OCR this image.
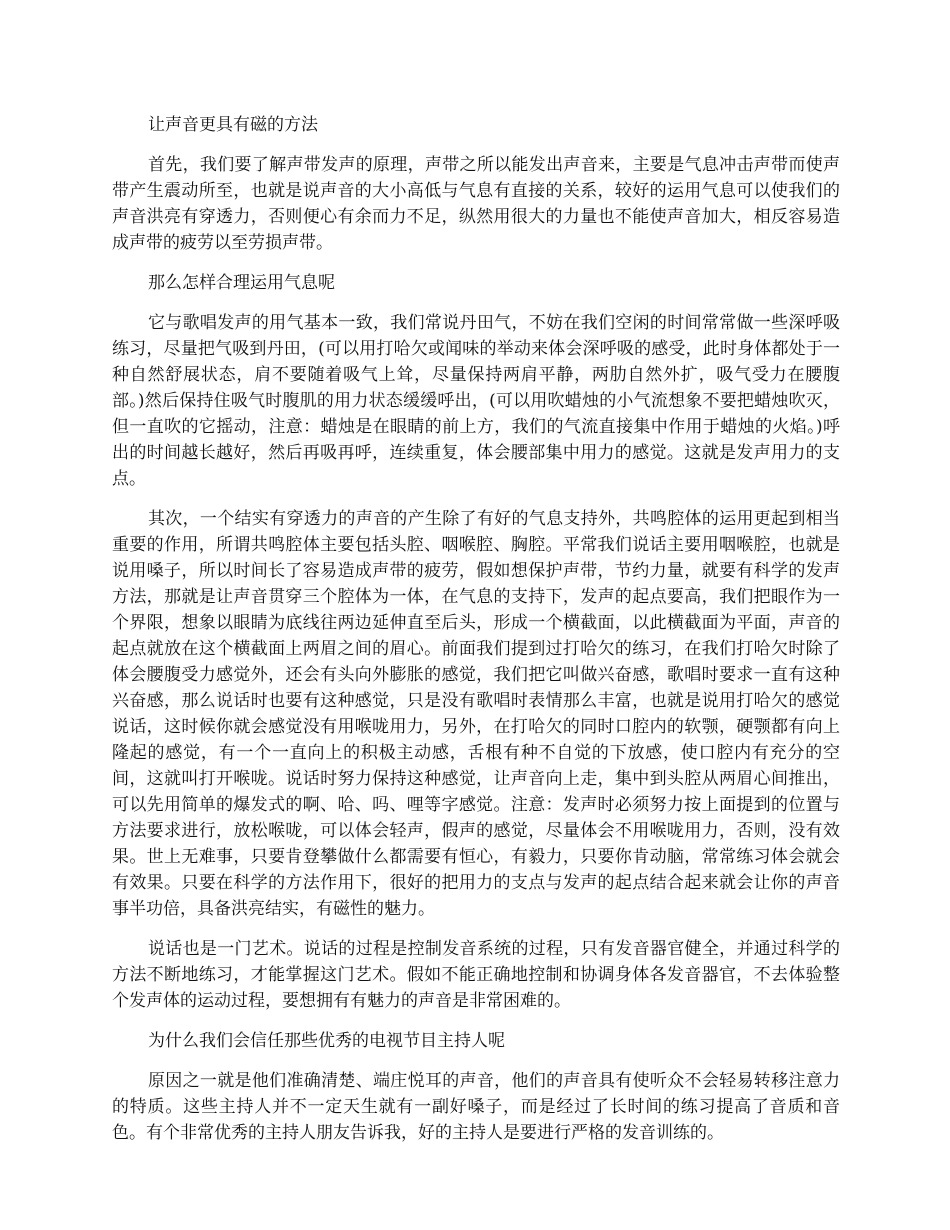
让声音更具有磁的方法

首先，我们要了解声带发声的原理，声带之所以能发出声音来，主要是气息冲击声带而使声带产生震动所至，也就是说声音的大小高低与气息有直接的关系，较好的运用气息可以使我们的声音洪亮有穿透力，否则便心有余而力不足，纵然用很大的力量也不能使声音加大，相反容易造成声带的疲劳以至劳损声带。

那么怎样合理运用气息呢

它与歌唱发声的用气基本一致，我们常说丹田气，不妨在我们空闲的时间常常做一些深呼吸练习，尽量把气吸到丹田，(可以用打哈欠或闻味的举动来体会深呼吸的感受，此时身体都处于一种自然舒展状态，肩不要随着吸气上耸，尽量保持两肩平静，两肋自然外扩，吸气受力在腰腹部。)然后保持住吸气时腹肌的用力状态缓缓呼出，(可以用吹蜡烛的小气流想象不要把蜡烛吹灭，但一直吹的它摇动，注意：蜡烛是在眼睛的前上方，我们的气流直接集中作用于蜡烛的火焰。)呼出的时间越长越好，然后再吸再呼，连续重复，体会腰部集中用力的感觉。这就是发声用力的支点。

其次，一个结实有穿透力的声音的产生除了有好的气息支持外，共鸣腔体的运用更起到相当重要的作用，所谓共鸣腔体主要包括头腔、咽喉腔、胸腔。平常我们说话主要用咽喉腔，也就是说用嗓子，所以时间长了容易造成声带的疲劳，假如想保护声带，节约力量，就要有科学的发声方法，那就是让声音贯穿三个腔体为一体，在气息的支持下，发声的起点要高，我们把眼作为一个界限，想象以眼睛为底线往两边延伸直至后头，形成一个横截面，以此横截面为平面，声音的起点就放在这个横截面上两眉之间的眉心。前面我们提到过打哈欠的练习，在我们打哈欠时除了体会腰腹受力感觉外，还会有头向外膨胀的感觉，我们把它叫做兴奋感，歌唱时要求一直有这种兴奋感，那么说话时也要有这种感觉，只是没有歌唱时表情那么丰富，也就是说用打哈欠的感觉说话，这时候你就会感觉没有用喉咙用力，另外，在打哈欠的同时口腔内的软颚，硬颚都有向上隆起的感觉，有一个一直向上的积极主动感，舌根有种不自觉的下放感，使口腔内有充分的空间，这就叫打开喉咙。说话时努力保持这种感觉，让声音向上走，集中到头腔从两眉心间推出，可以先用简单的爆发式的啊、哈、吗、哩等字感觉。注意：发声时必须努力按上面提到的位置与方法要求进行，放松喉咙，可以体会轻声，假声的感觉，尽量体会不用喉咙用力，否则，没有效果。世上无难事，只要肯登攀做什么都需要有恒心，有毅力，只要你肯动脑，常常练习体会就会有效果。只要在科学的方法作用下，很好的把用力的支点与发声的起点结合起来就会让你的声音事半功倍，具备洪亮结实，有磁性的魅力。

说话也是一门艺术。说话的过程是控制发音系统的过程，只有发音器官健全，并通过科学的方法不断地练习，才能掌握这门艺术。假如不能正确地控制和协调身体各发音器官，不去体验整个发声体的运动过程，要想拥有有魅力的声音是非常困难的。

为什么我们会信任那些优秀的电视节目主持人呢

原因之一就是他们准确清楚、端庄悦耳的声音，他们的声音具有使听众不会轻易转移注意力的特质。这些主持人并不一定天生就有一副好嗓子，而是经过了长时间的练习提高了音质和音色。有个非常优秀的主持人朋友告诉我，好的主持人是要进行严格的发音训练的。
